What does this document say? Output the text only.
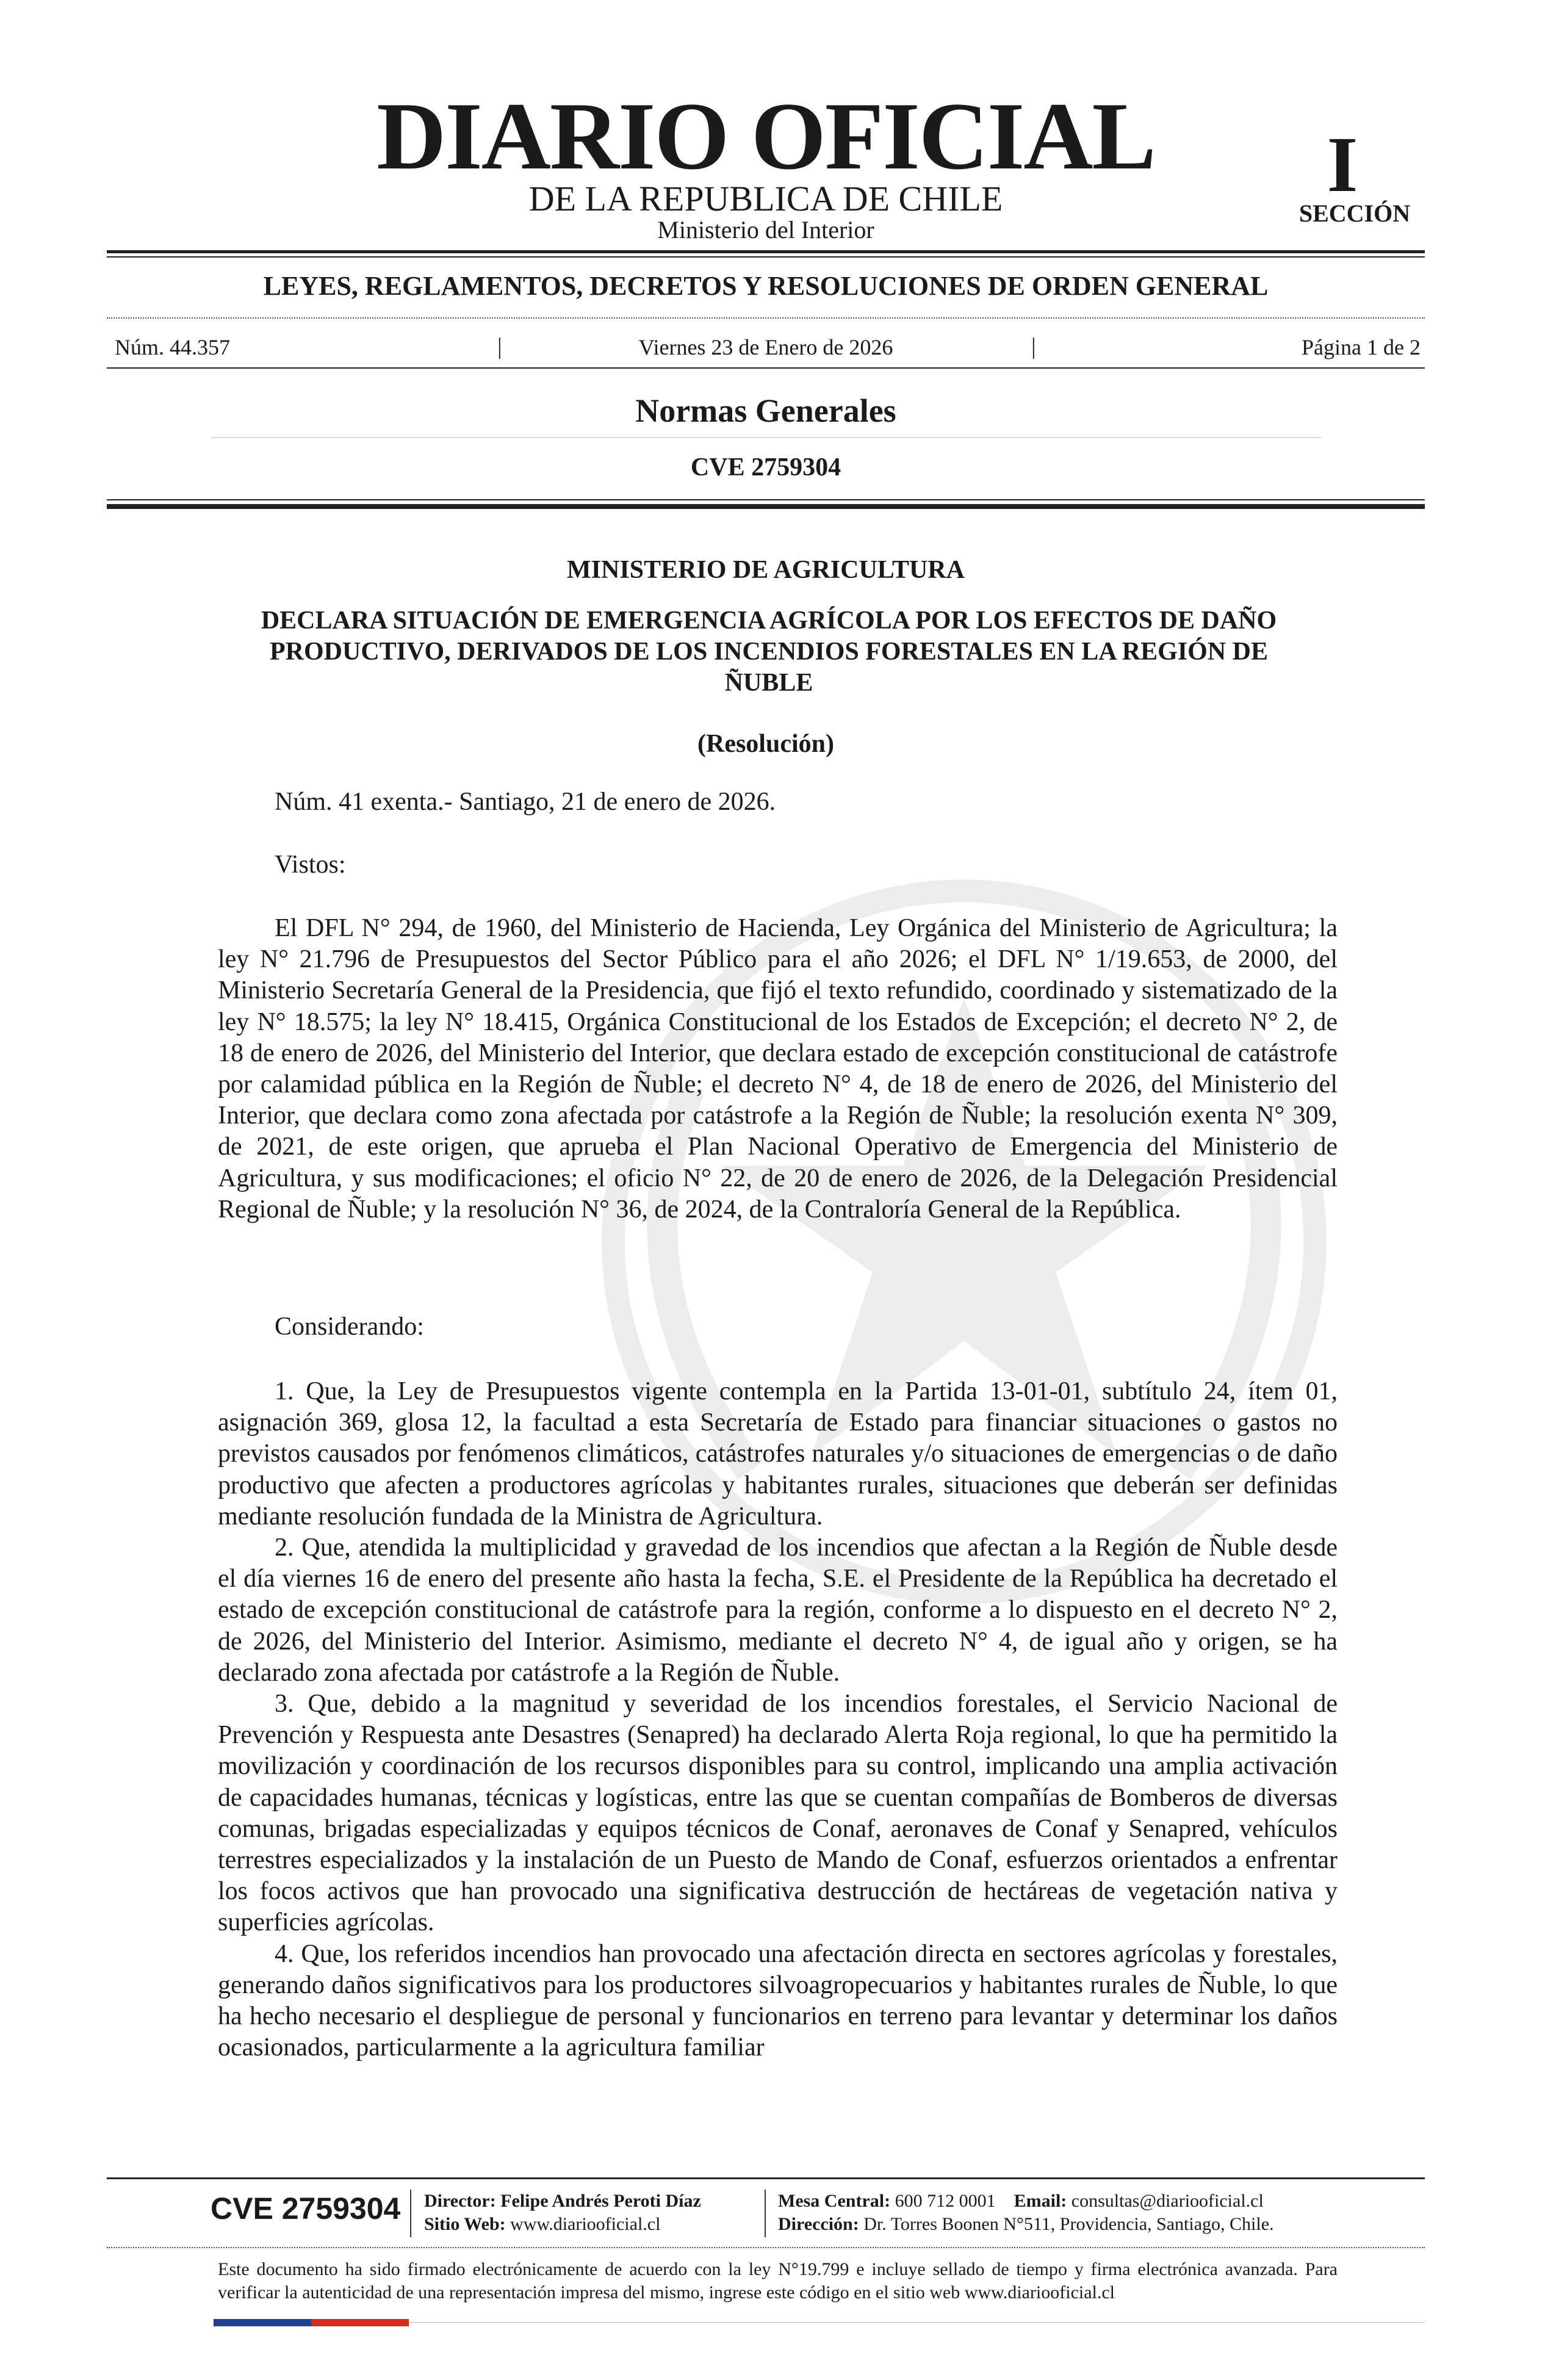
DIARIO OFICIAL
DE LA REPUBLICA DE CHILE
Ministerio del Interior
I
SECCIÓN
LEYES, REGLAMENTOS, DECRETOS Y RESOLUCIONES DE ORDEN GENERAL
Núm. 44.357	|	Viernes 23 de Enero de 2026	|	Página 1 de 2
Normas Generales
CVE 2759304
MINISTERIO DE AGRICULTURA
DECLARA SITUACIÓN DE EMERGENCIA AGRÍCOLA POR LOS EFECTOS DE DAÑO PRODUCTIVO, DERIVADOS DE LOS INCENDIOS FORESTALES EN LA REGIÓN DE ÑUBLE
(Resolución)
Núm. 41 exenta.- Santiago, 21 de enero de 2026.
Vistos:
El DFL N° 294, de 1960, del Ministerio de Hacienda, Ley Orgánica del Ministerio de Agricultura; la ley N° 21.796 de Presupuestos del Sector Público para el año 2026; el DFL N° 1/19.653, de 2000, del Ministerio Secretaría General de la Presidencia, que fijó el texto refundido, coordinado y sistematizado de la ley N° 18.575; la ley N° 18.415, Orgánica Constitucional de los Estados de Excepción; el decreto N° 2, de 18 de enero de 2026, del Ministerio del Interior, que declara estado de excepción constitucional de catástrofe por calamidad pública en la Región de Ñuble; el decreto N° 4, de 18 de enero de 2026, del Ministerio del Interior, que declara como zona afectada por catástrofe a la Región de Ñuble; la resolución exenta N° 309, de 2021, de este origen, que aprueba el Plan Nacional Operativo de Emergencia del Ministerio de Agricultura, y sus modificaciones; el oficio N° 22, de 20 de enero de 2026, de la Delegación Presidencial Regional de Ñuble; y la resolución N° 36, de 2024, de la Contraloría General de la República.
Considerando:

1. Que, la Ley de Presupuestos vigente contempla en la Partida 13-01-01, subtítulo 24, ítem 01, asignación 369, glosa 12, la facultad a esta Secretaría de Estado para financiar situaciones o gastos no previstos causados por fenómenos climáticos, catástrofes naturales y/o situaciones de emergencias o de daño productivo que afecten a productores agrícolas y habitantes rurales, situaciones que deberán ser definidas mediante resolución fundada de la Ministra de Agricultura.

2. Que, atendida la multiplicidad y gravedad de los incendios que afectan a la Región de Ñuble desde el día viernes 16 de enero del presente año hasta la fecha, S.E. el Presidente de la República ha decretado el estado de excepción constitucional de catástrofe para la región, conforme a lo dispuesto en el decreto N° 2, de 2026, del Ministerio del Interior. Asimismo, mediante el decreto N° 4, de igual año y origen, se ha declarado zona afectada por catástrofe a la Región de Ñuble.

3. Que, debido a la magnitud y severidad de los incendios forestales, el Servicio Nacional de Prevención y Respuesta ante Desastres (Senapred) ha declarado Alerta Roja regional, lo que ha permitido la movilización y coordinación de los recursos disponibles para su control, implicando una amplia activación de capacidades humanas, técnicas y logísticas, entre las que se cuentan compañías de Bomberos de diversas comunas, brigadas especializadas y equipos técnicos de Conaf, aeronaves de Conaf y Senapred, vehículos terrestres especializados y la instalación de un Puesto de Mando de Conaf, esfuerzos orientados a enfrentar los focos activos que han provocado una significativa destrucción de hectáreas de vegetación nativa y superficies agrícolas.

4. Que, los referidos incendios han provocado una afectación directa en sectores agrícolas y forestales, generando daños significativos para los productores silvoagropecuarios y habitantes rurales de Ñuble, lo que ha hecho necesario el despliegue de personal y funcionarios en terreno para levantar y determinar los daños ocasionados, particularmente a la agricultura familiar

CVE 2759304 Director: Felipe Andrés Peroti Díaz
Sitio Web: www.diariooficial.cl
Mesa Central: 600 712 0001 Email: consultas@diariooficial.cl
Dirección: Dr. Torres Boonen N°511, Providencia, Santiago, Chile.
Este documento ha sido firmado electrónicamente de acuerdo con la ley N°19.799 e incluye sellado de tiempo y firma electrónica avanzada. Para verificar la autenticidad de una representación impresa del mismo, ingrese este código en el sitio web www.diariooficial.cl
